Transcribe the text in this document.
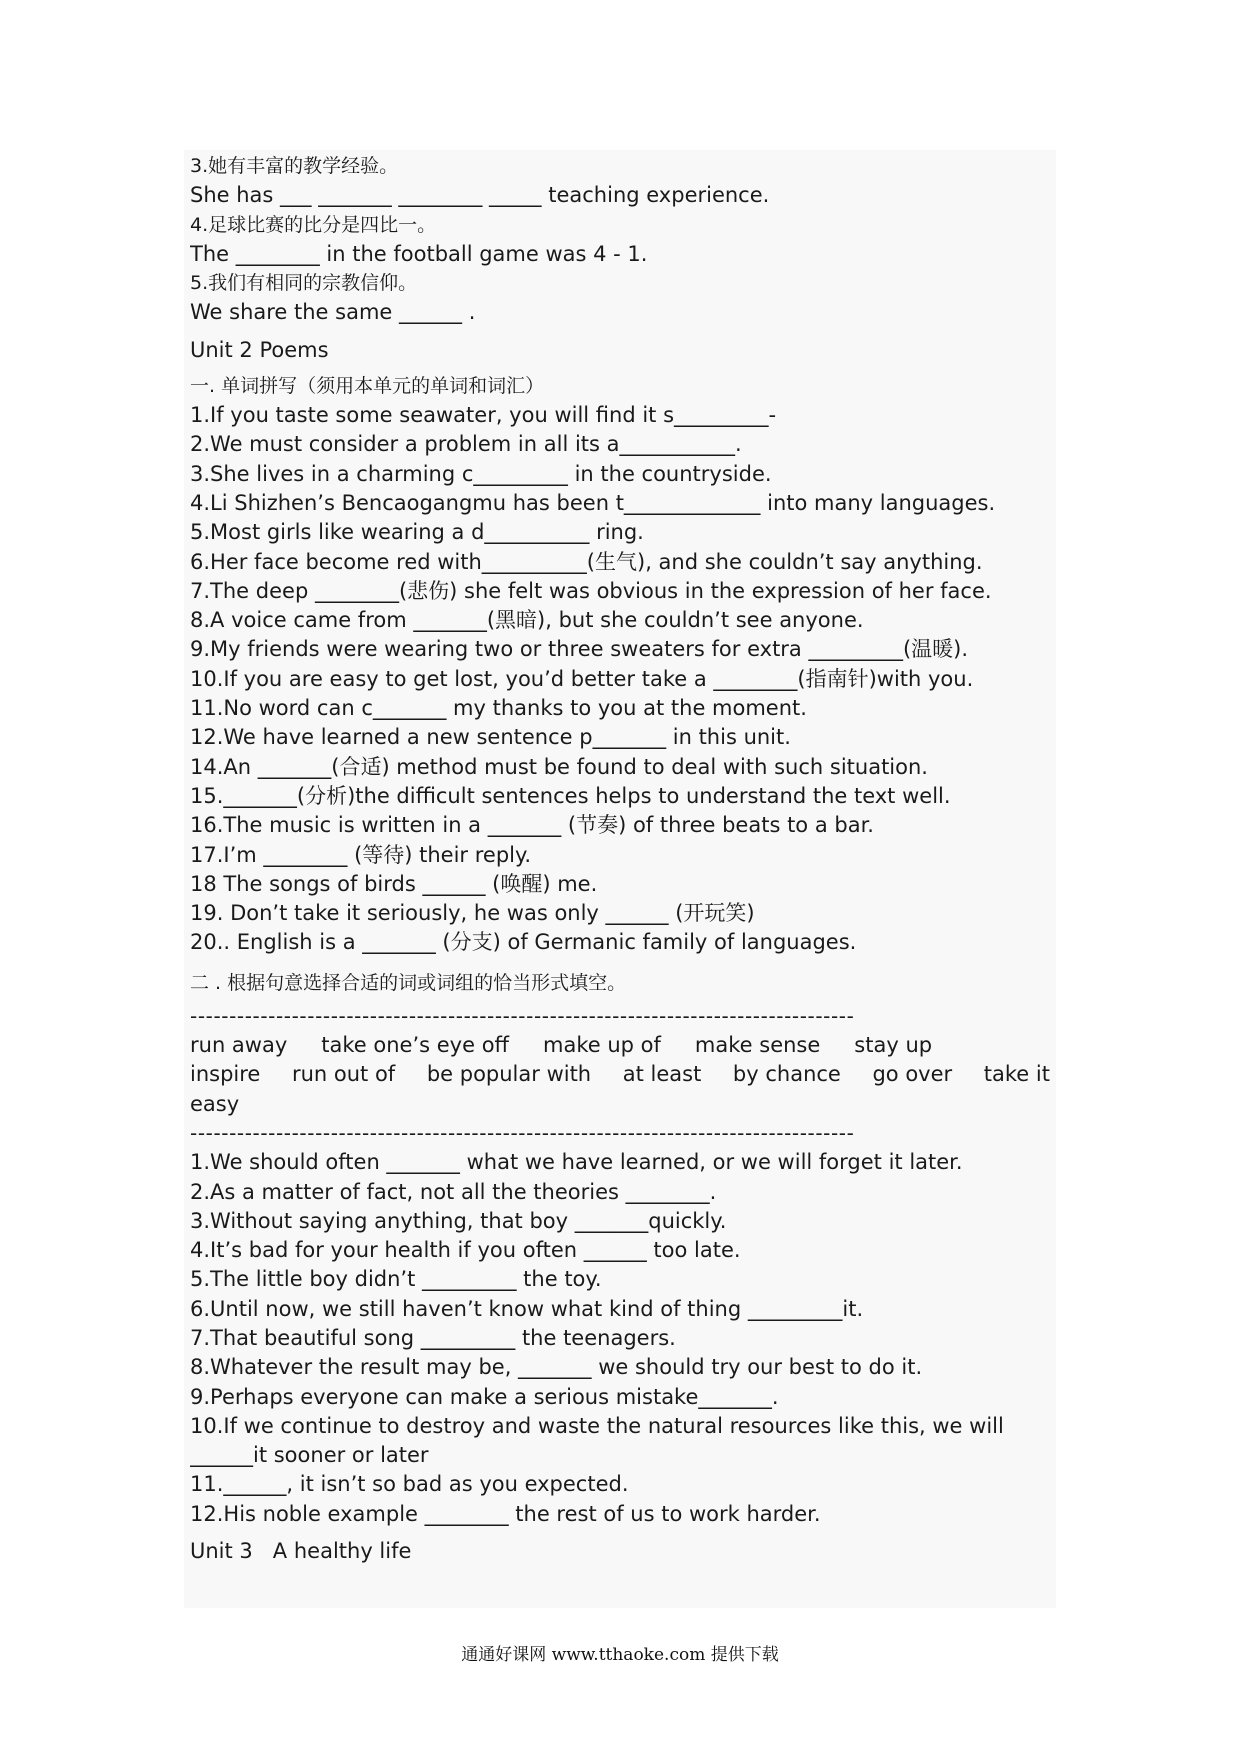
3.她有丰富的教学经验。
She has ___ _______ ________ _____ teaching experience.
4.足球比赛的比分是四比一。
The ________ in the football game was 4 - 1.
5.我们有相同的宗教信仰。
We share the same ______ .
Unit 2 Poems
一. 单词拼写（须用本单元的单词和词汇）
1.If you taste some seawater, you will find it s_________-
2.We must consider a problem in all its a___________.
3.She lives in a charming c_________ in the countryside.
4.Li Shizhen’s Bencaogangmu has been t_____________ into many languages.
5.Most girls like wearing a d__________ ring.
6.Her face become red with__________(生气), and she couldn’t say anything.
7.The deep ________(悲伤) she felt was obvious in the expression of her face.
8.A voice came from _______(黑暗), but she couldn’t see anyone.
9.My friends were wearing two or three sweaters for extra _________(温暖).
10.If you are easy to get lost, you’d better take a ________(指南针)with you.
11.No word can c_______ my thanks to you at the moment.
12.We have learned a new sentence p_______ in this unit.
14.An _______(合适) method must be found to deal with such situation.
15._______(分析)the difficult sentences helps to understand the text well.
16.The music is written in a _______ (节奏) of three beats to a bar.
17.I’m ________ (等待) their reply.
18 The songs of birds ______ (唤醒) me.
19. Don’t take it seriously, he was only ______ (开玩笑)
20.. English is a _______ (分支) of Germanic family of languages.
二 . 根据句意选择合适的词或词组的恰当形式填空。
-------------------------------------------------------------------------------------
run away take one’s eye off make up of make sense stay up
inspire run out of be popular with at least by chance go over take it
easy
-------------------------------------------------------------------------------------
1.We should often _______ what we have learned, or we will forget it later.
2.As a matter of fact, not all the theories ________.
3.Without saying anything, that boy _______quickly.
4.It’s bad for your health if you often ______ too late.
5.The little boy didn’t _________ the toy.
6.Until now, we still haven’t know what kind of thing _________it.
7.That beautiful song _________ the teenagers.
8.Whatever the result may be, _______ we should try our best to do it.
9.Perhaps everyone can make a serious mistake_______.
10.If we continue to destroy and waste the natural resources like this, we will
______it sooner or later
11.______, it isn’t so bad as you expected.
12.His noble example ________ the rest of us to work harder.
Unit 3   A healthy life
通通好课网 www.tthaoke.com 提供下载
